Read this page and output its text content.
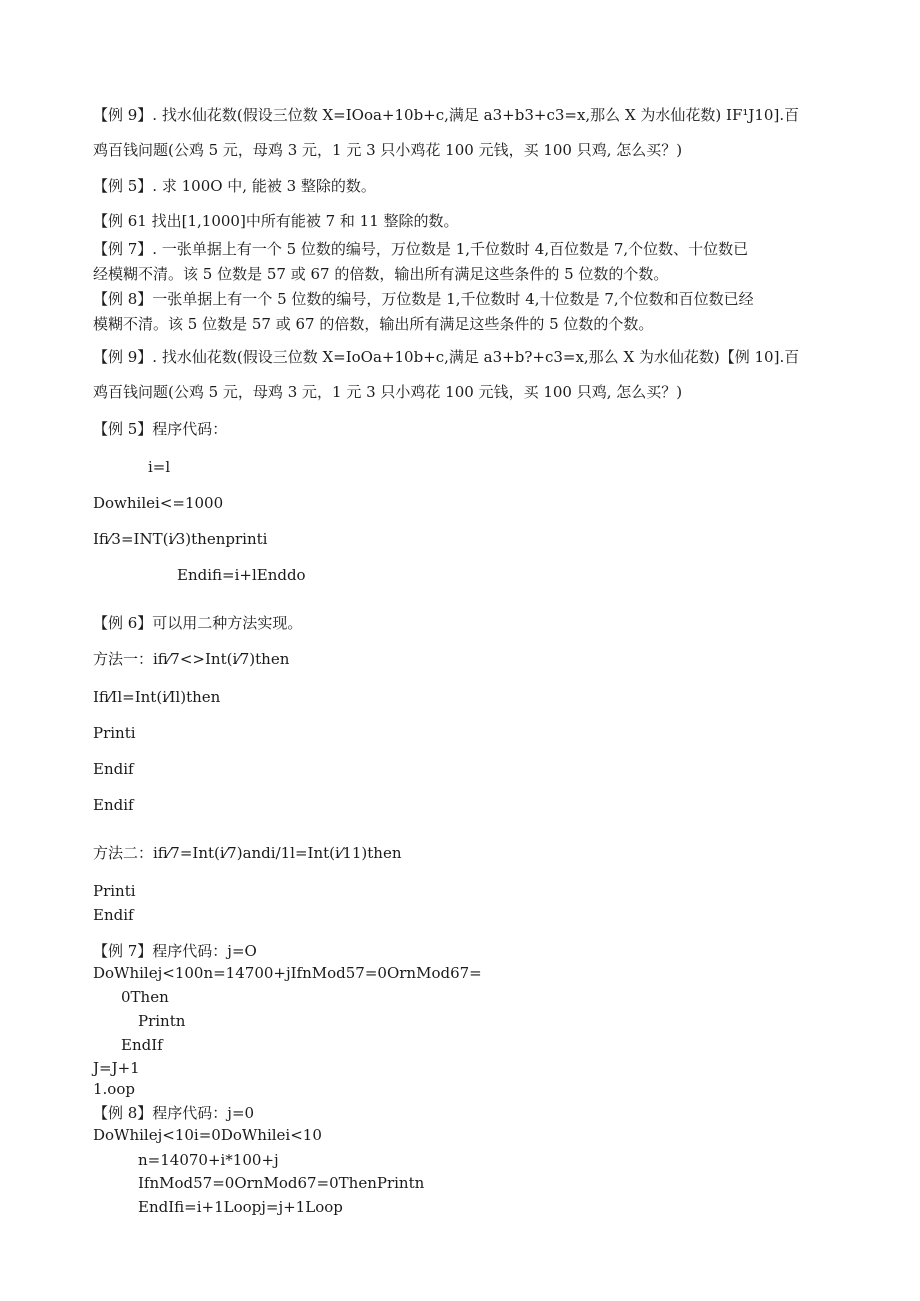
【例 9】. 找水仙花数(假设三位数 X=IOoa+10b+c,满足 a3+b3+c3=x,那么 X 为水仙花数) IF¹J10].百
鸡百钱问题(公鸡 5 元，母鸡 3 元，1 元 3 只小鸡花 100 元钱，买 100 只鸡, 怎么买？)
【例 5】. 求 100O 中, 能被 3 整除的数。
【例 61 找出[1,1000]中所有能被 7 和 11 整除的数。
【例 7】. 一张单据上有一个 5 位数的编号，万位数是 1,千位数时 4,百位数是 7,个位数、十位数已
经模糊不清。该 5 位数是 57 或 67 的倍数，输出所有满足这些条件的 5 位数的个数。
【例 8】一张单据上有一个 5 位数的编号，万位数是 1,千位数时 4,十位数是 7,个位数和百位数已经
模糊不清。该 5 位数是 57 或 67 的倍数，输出所有满足这些条件的 5 位数的个数。
【例 9】. 找水仙花数(假设三位数 X=IoOa+10b+c,满足 a3+b?+c3=x,那么 X 为水仙花数)【例 10].百
鸡百钱问题(公鸡 5 元，母鸡 3 元，1 元 3 只小鸡花 100 元钱，买 100 只鸡, 怎么买？)
【例 5】程序代码：
i=l
Dowhilei<=1000
Ifi⁄3=INT(i⁄3)thenprinti
Endifi=i+lEnddo
【例 6】可以用二种方法实现。
方法一：ifi⁄7<>Int(i⁄7)then
Ifi⁄Il=Int(i⁄Il)then
Printi
Endif
Endif
方法二：ifi⁄7=Int(i⁄7)andi/1l=Int(i⁄11)then
Printi
Endif
【例 7】程序代码：j=O
DoWhilej<100n=14700+jIfnMod57=0OrnMod67=
0Then
Printn
EndIf
J=J+1
1.oop
【例 8】程序代码：j=0
DoWhilej<10i=0DoWhilei<10
n=14070+i*100+j
IfnMod57=0OrnMod67=0ThenPrintn
EndIfi=i+1Loopj=j+1Loop
